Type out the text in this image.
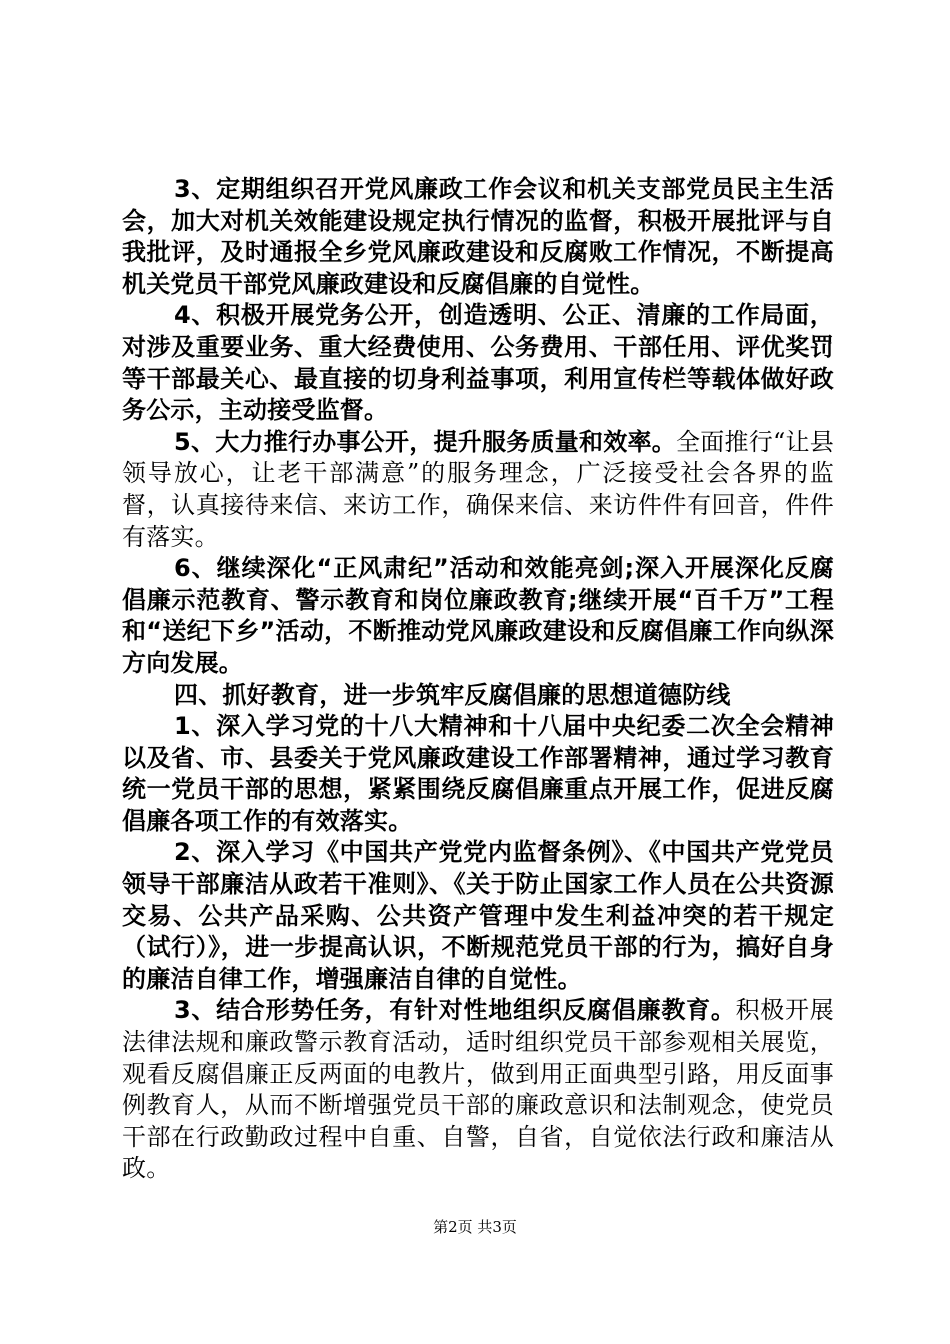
3、定期组织召开党风廉政工作会议和机关支部党员民主生活会，加大对机关效能建设规定执行情况的监督，积极开展批评与自我批评，及时通报全乡党风廉政建设和反腐败工作情况，不断提高机关党员干部党风廉政建设和反腐倡廉的自觉性。

4、积极开展党务公开，创造透明、公正、清廉的工作局面，对涉及重要业务、重大经费使用、公务费用、干部任用、评优奖罚等干部最关心、最直接的切身利益事项，利用宣传栏等载体做好政务公示，主动接受监督。

5、大力推行办事公开，提升服务质量和效率。全面推行“让县领导放心，让老干部满意”的服务理念，广泛接受社会各界的监督，认真接待来信、来访工作，确保来信、来访件件有回音，件件有落实。

6、继续深化“正风肃纪”活动和效能亮剑;深入开展深化反腐倡廉示范教育、警示教育和岗位廉政教育;继续开展“百千万”工程和“送纪下乡”活动，不断推动党风廉政建设和反腐倡廉工作向纵深方向发展。

四、抓好教育，进一步筑牢反腐倡廉的思想道德防线

1、深入学习党的十八大精神和十八届中央纪委二次全会精神以及省、市、县委关于党风廉政建设工作部署精神，通过学习教育统一党员干部的思想，紧紧围绕反腐倡廉重点开展工作，促进反腐倡廉各项工作的有效落实。

2、深入学习《中国共产党党内监督条例》、《中国共产党党员领导干部廉洁从政若干准则》、《关于防止国家工作人员在公共资源交易、公共产品采购、公共资产管理中发生利益冲突的若干规定（试行）》，进一步提高认识，不断规范党员干部的行为，搞好自身的廉洁自律工作，增强廉洁自律的自觉性。

3、结合形势任务，有针对性地组织反腐倡廉教育。积极开展法律法规和廉政警示教育活动，适时组织党员干部参观相关展览，观看反腐倡廉正反两面的电教片，做到用正面典型引路，用反面事例教育人，从而不断增强党员干部的廉政意识和法制观念，使党员干部在行政勤政过程中自重、自警，自省，自觉依法行政和廉洁从政。

第2页 共3页
